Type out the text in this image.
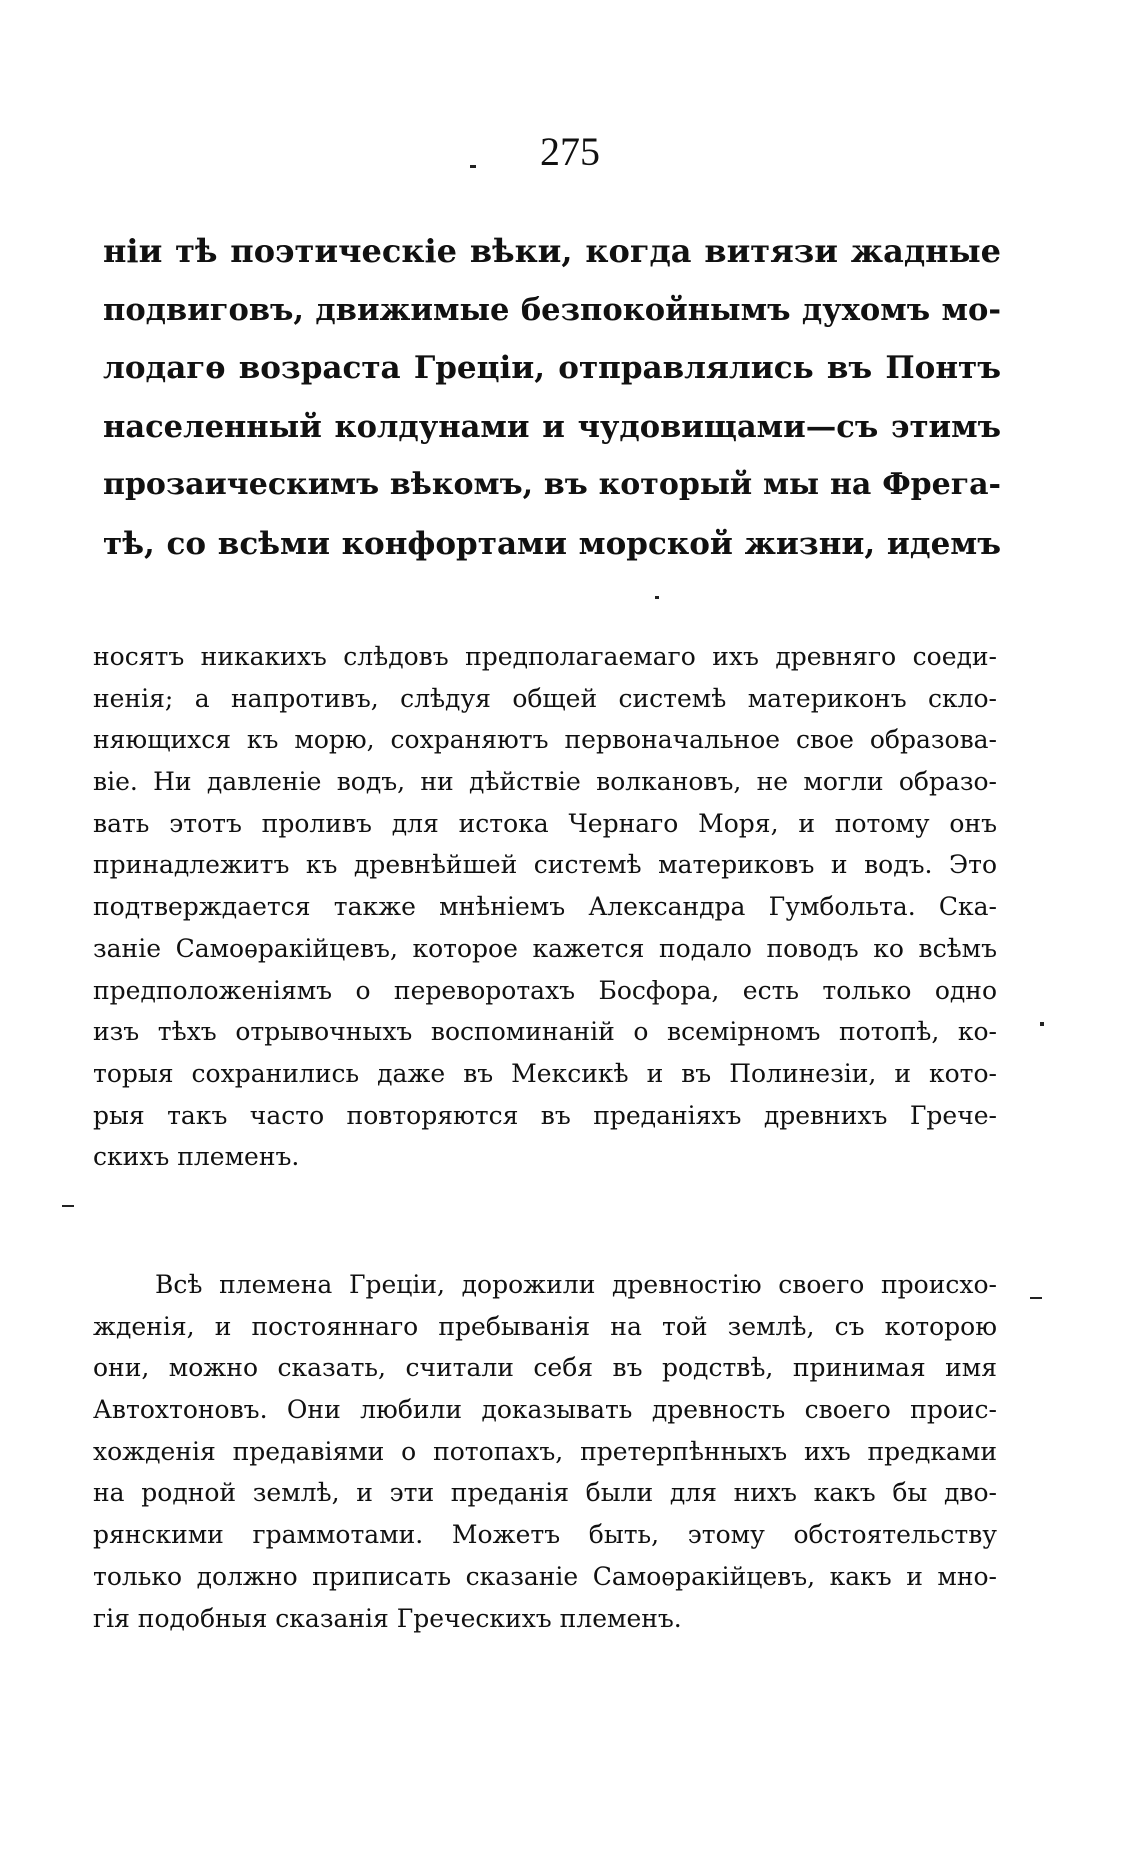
275
нiи тѣ поэтическiе вѣки, когда витязи жадные
подвиговъ, движимые безпокойнымъ духомъ мо-
лодагѳ возраста Грецiи, отправлялись въ Понтъ
населенный колдунами и чудовищами—съ этимъ
прозаическимъ вѣкомъ, въ который мы на Фрега-
тѣ, со всѣми конфортами морской жизни, идемъ
носятъ никакихъ слѣдовъ предполагаемаго ихъ древняго соеди-
ненiя; а напротивъ, слѣдуя общей системѣ материконъ скло-
няющихся къ морю, сохраняютъ первоначальное свое образова-
вiе. Ни давленiе водъ, ни дѣйствiе волкановъ, не могли образо-
вать этотъ проливъ для истока Чернаго Моря, и потому онъ
принадлежитъ къ древнѣйшей системѣ материковъ и водъ. Это
подтверждается также мнѣнiемъ Александра Гумбольта. Ска-
занiе Самоѳракiйцевъ, которое кажется подало поводъ ко всѣмъ
предположенiямъ о переворотахъ Босфора, есть только одно
изъ тѣхъ отрывочныхъ воспоминанiй о всемiрномъ потопѣ, ко-
торыя сохранились даже въ Мексикѣ и въ Полинезiи, и кото-
рыя такъ часто повторяются въ преданiяхъ древнихъ Грече-
скихъ племенъ.
Всѣ племена Грецiи, дорожили древностiю своего происхо-
жденiя, и постояннаго пребыванiя на той землѣ, съ которою
они, можно сказать, считали себя въ родствѣ, принимая имя
Автохтоновъ. Они любили доказывать древность своего проис-
хожденiя предавiями о потопахъ, претерпѣнныхъ ихъ предками
на родной землѣ, и эти преданiя были для нихъ какъ бы дво-
рянскими граммотами. Можетъ быть, этому обстоятельству
только должно приписать сказанiе Самоѳракiйцевъ, какъ и мно-
гiя подобныя сказанiя Греческихъ племенъ.
